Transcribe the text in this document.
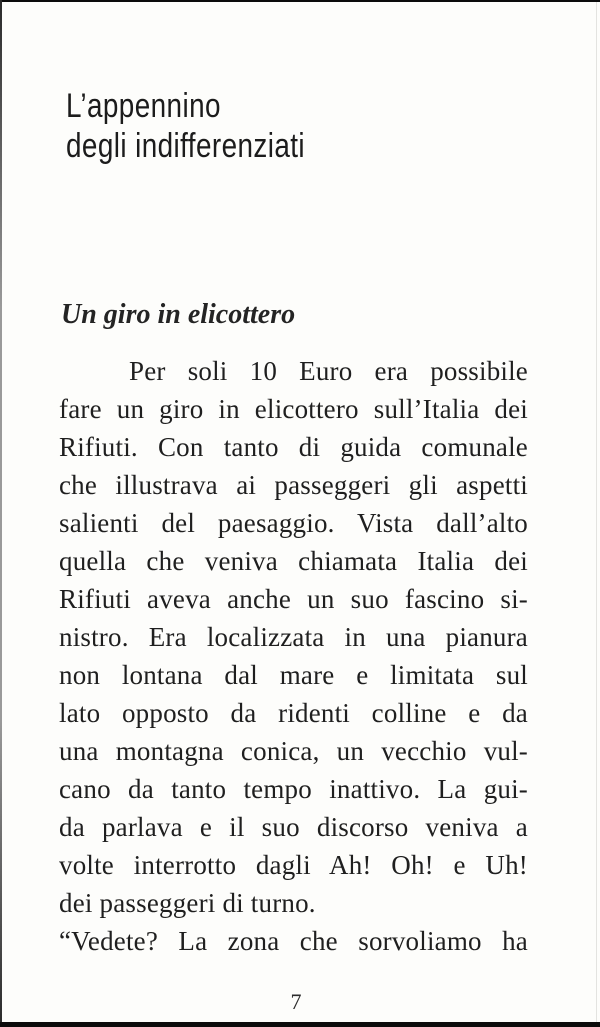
L’appennino
degli indifferenziati
Un giro in elicottero
Per soli 10 Euro era possibile
fare un giro in elicottero sull’Italia dei
Rifiuti. Con tanto di guida comunale
che illustrava ai passeggeri gli aspetti
salienti del paesaggio. Vista dall’alto
quella che veniva chiamata Italia dei
Rifiuti aveva anche un suo fascino si-
nistro. Era localizzata in una pianura
non lontana dal mare e limitata sul
lato opposto da ridenti colline e da
una montagna conica, un vecchio vul-
cano da tanto tempo inattivo. La gui-
da parlava e il suo discorso veniva a
volte interrotto dagli Ah! Oh! e Uh!
dei passeggeri di turno.
“Vedete? La zona che sorvoliamo ha
7
